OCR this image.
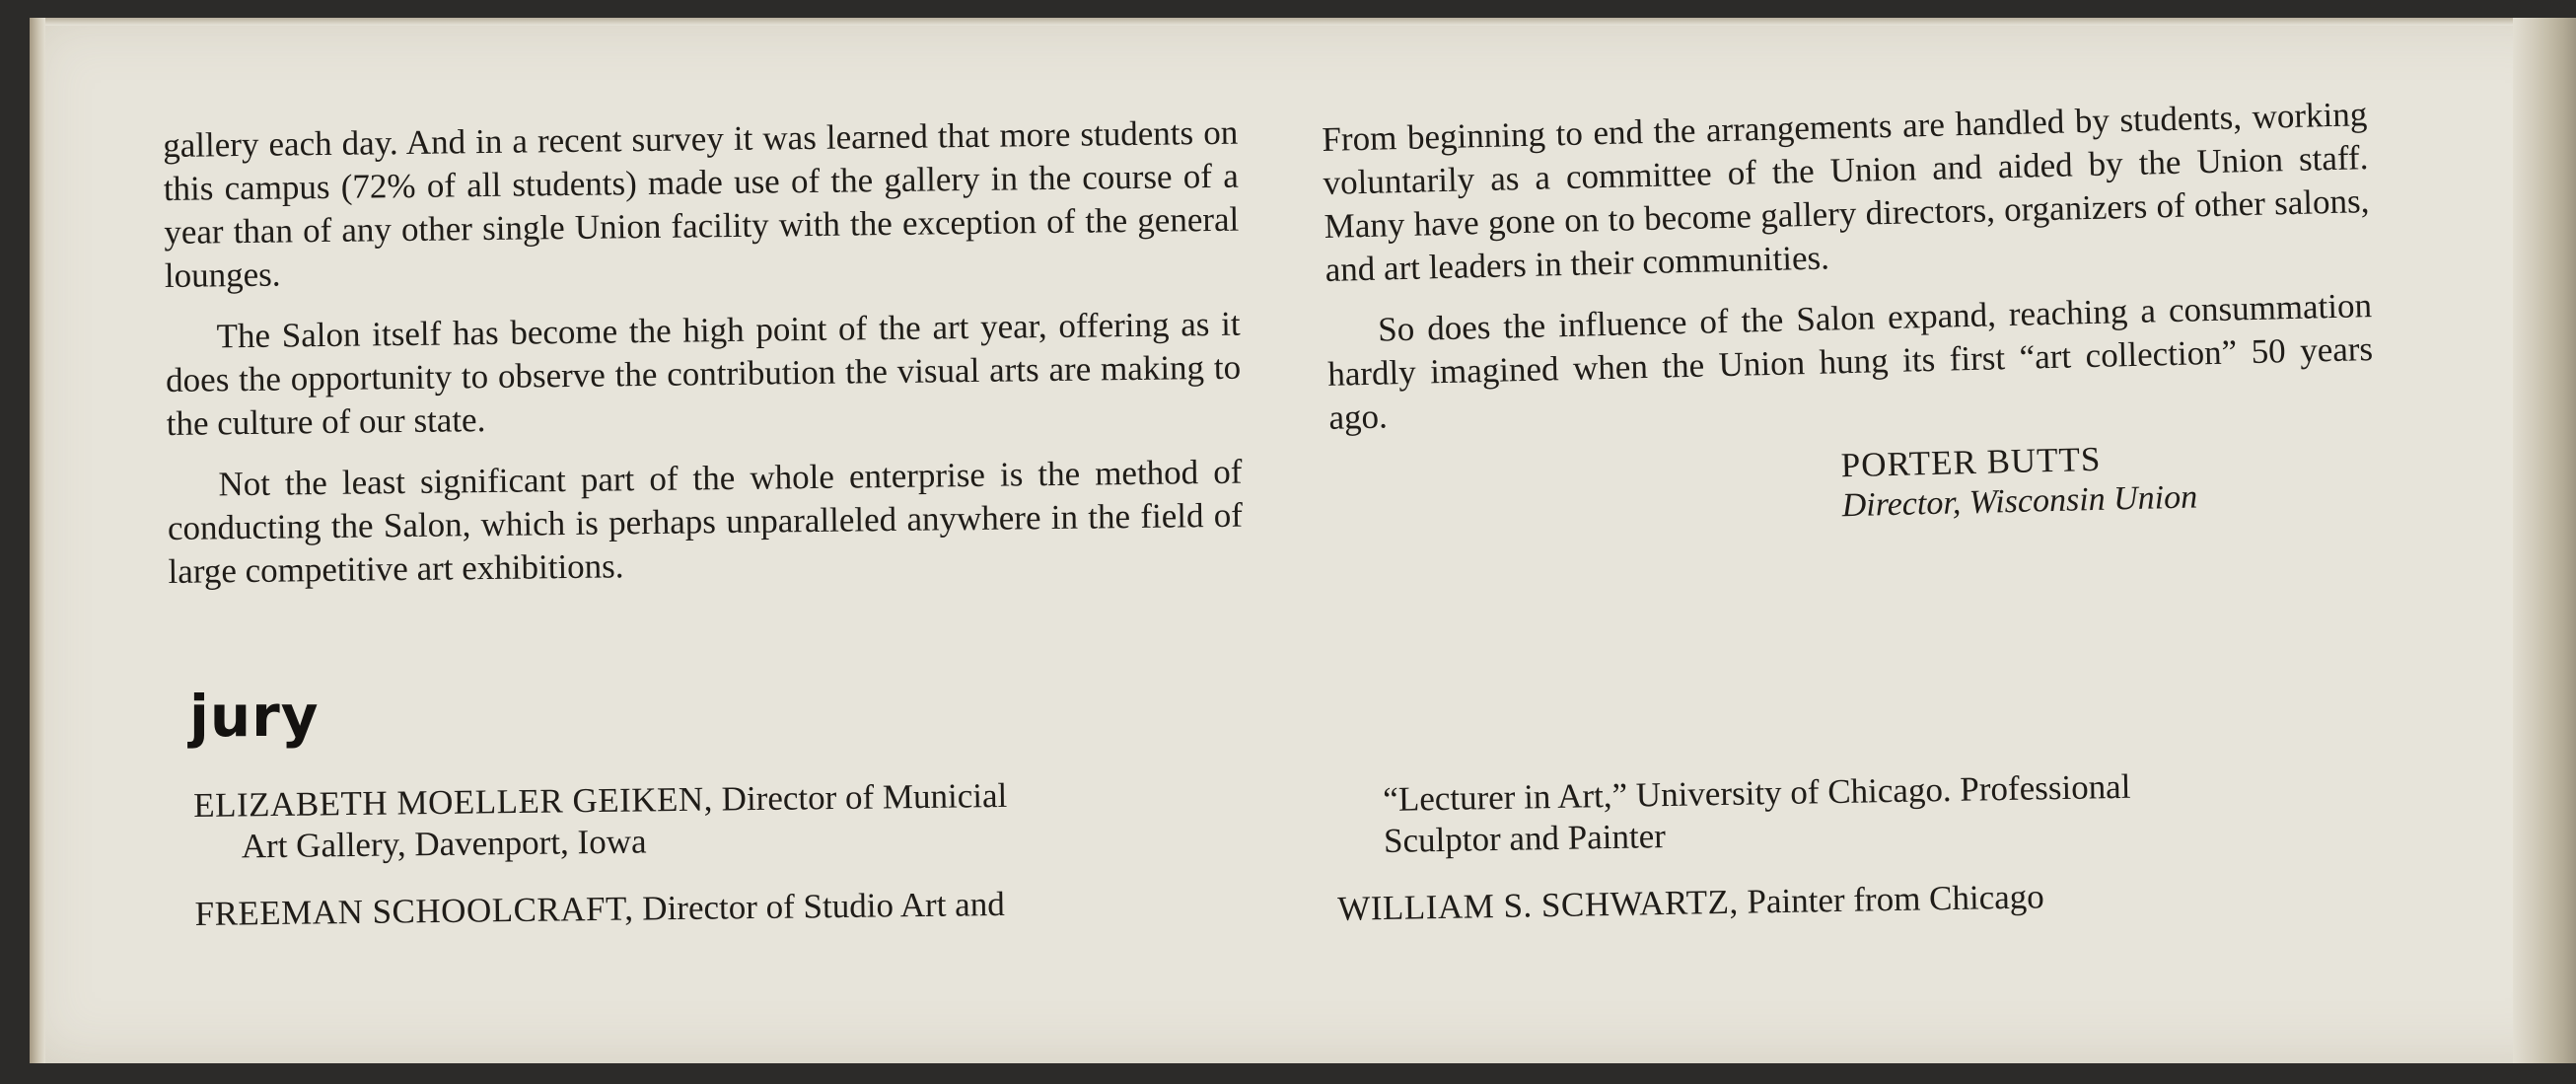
gallery each day. And in a recent survey it was learned that more students on this campus (72% of all students) made use of the gallery in the course of a year than of any other single Union facility with the exception of the general lounges.

The Salon itself has become the high point of the art year, offering as it does the opportunity to observe the contribution the visual arts are making to the culture of our state.

Not the least significant part of the whole enterprise is the method of conducting the Salon, which is perhaps unparalleled anywhere in the field of large competitive art exhibitions.

From beginning to end the arrangements are handled by students, working voluntarily as a committee of the Union and aided by the Union staff. Many have gone on to become gallery directors, organizers of other salons, and art leaders in their communities.

So does the influence of the Salon expand, reaching a consummation hardly imagined when the Union hung its first “art collection” 50 years ago.

PORTER BUTTS
Director, Wisconsin Union
jury
ELIZABETH MOELLER GEIKEN, Director of Municial
Art Gallery, Davenport, Iowa
FREEMAN SCHOOLCRAFT, Director of Studio Art and
“Lecturer in Art,” University of Chicago. Professional
Sculptor and Painter
WILLIAM S. SCHWARTZ, Painter from Chicago
